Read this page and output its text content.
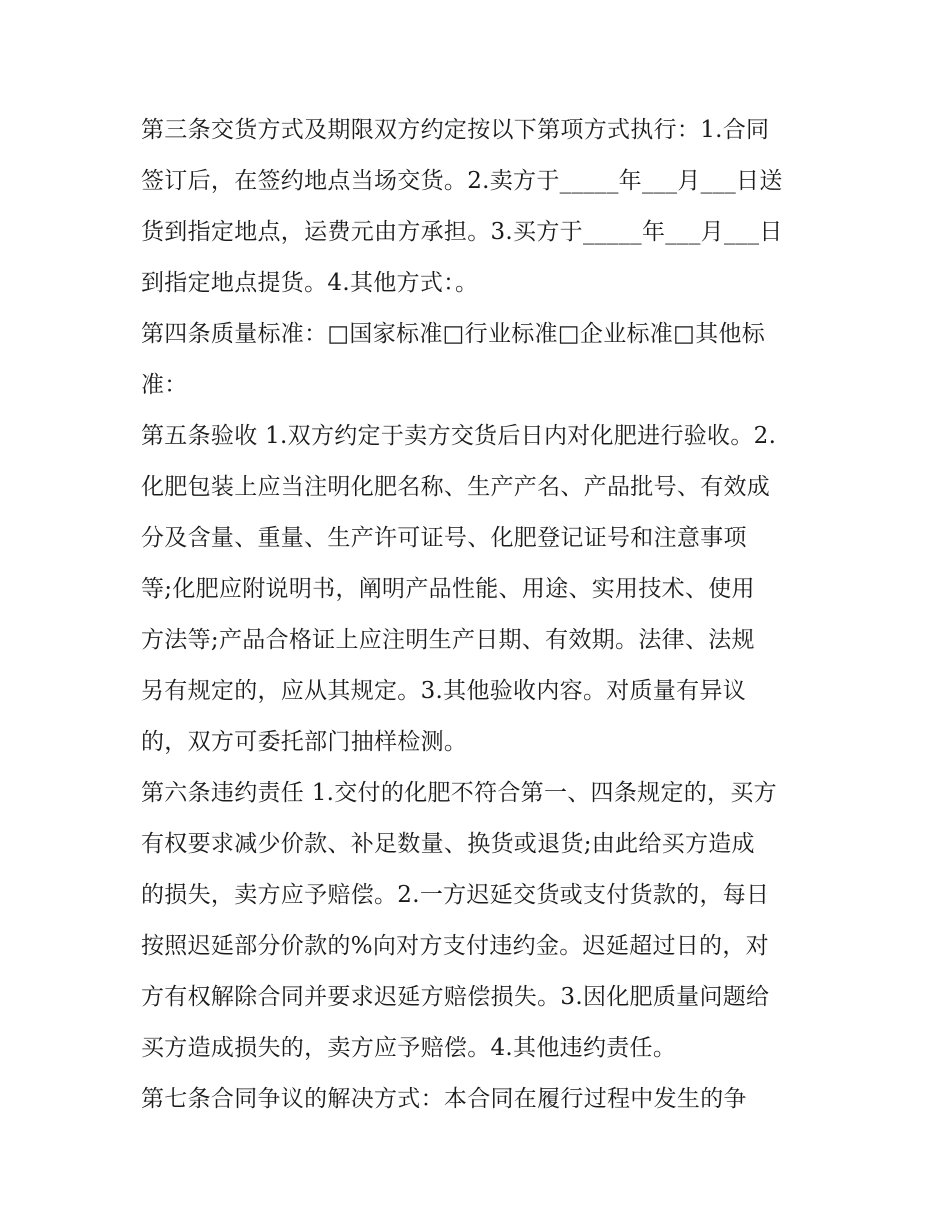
第三条交货方式及期限双方约定按以下第项方式执行：1.合同
签订后，在签约地点当场交货。2.卖方于_____年___月___日送
货到指定地点，运费元由方承担。3.买方于_____年___月___日
到指定地点提货。4.其他方式：。
第四条质量标准：□国家标准□行业标准□企业标准□其他标
准：
第五条验收 1.双方约定于卖方交货后日内对化肥进行验收。2.
化肥包装上应当注明化肥名称、生产产名、产品批号、有效成
分及含量、重量、生产许可证号、化肥登记证号和注意事项
等;化肥应附说明书，阐明产品性能、用途、实用技术、使用
方法等;产品合格证上应注明生产日期、有效期。法律、法规
另有规定的，应从其规定。3.其他验收内容。对质量有异议
的，双方可委托部门抽样检测。
第六条违约责任 1.交付的化肥不符合第一、四条规定的，买方
有权要求减少价款、补足数量、换货或退货;由此给买方造成
的损失，卖方应予赔偿。2.一方迟延交货或支付货款的，每日
按照迟延部分价款的%向对方支付违约金。迟延超过日的，对
方有权解除合同并要求迟延方赔偿损失。3.因化肥质量问题给
买方造成损失的，卖方应予赔偿。4.其他违约责任。
第七条合同争议的解决方式：本合同在履行过程中发生的争
